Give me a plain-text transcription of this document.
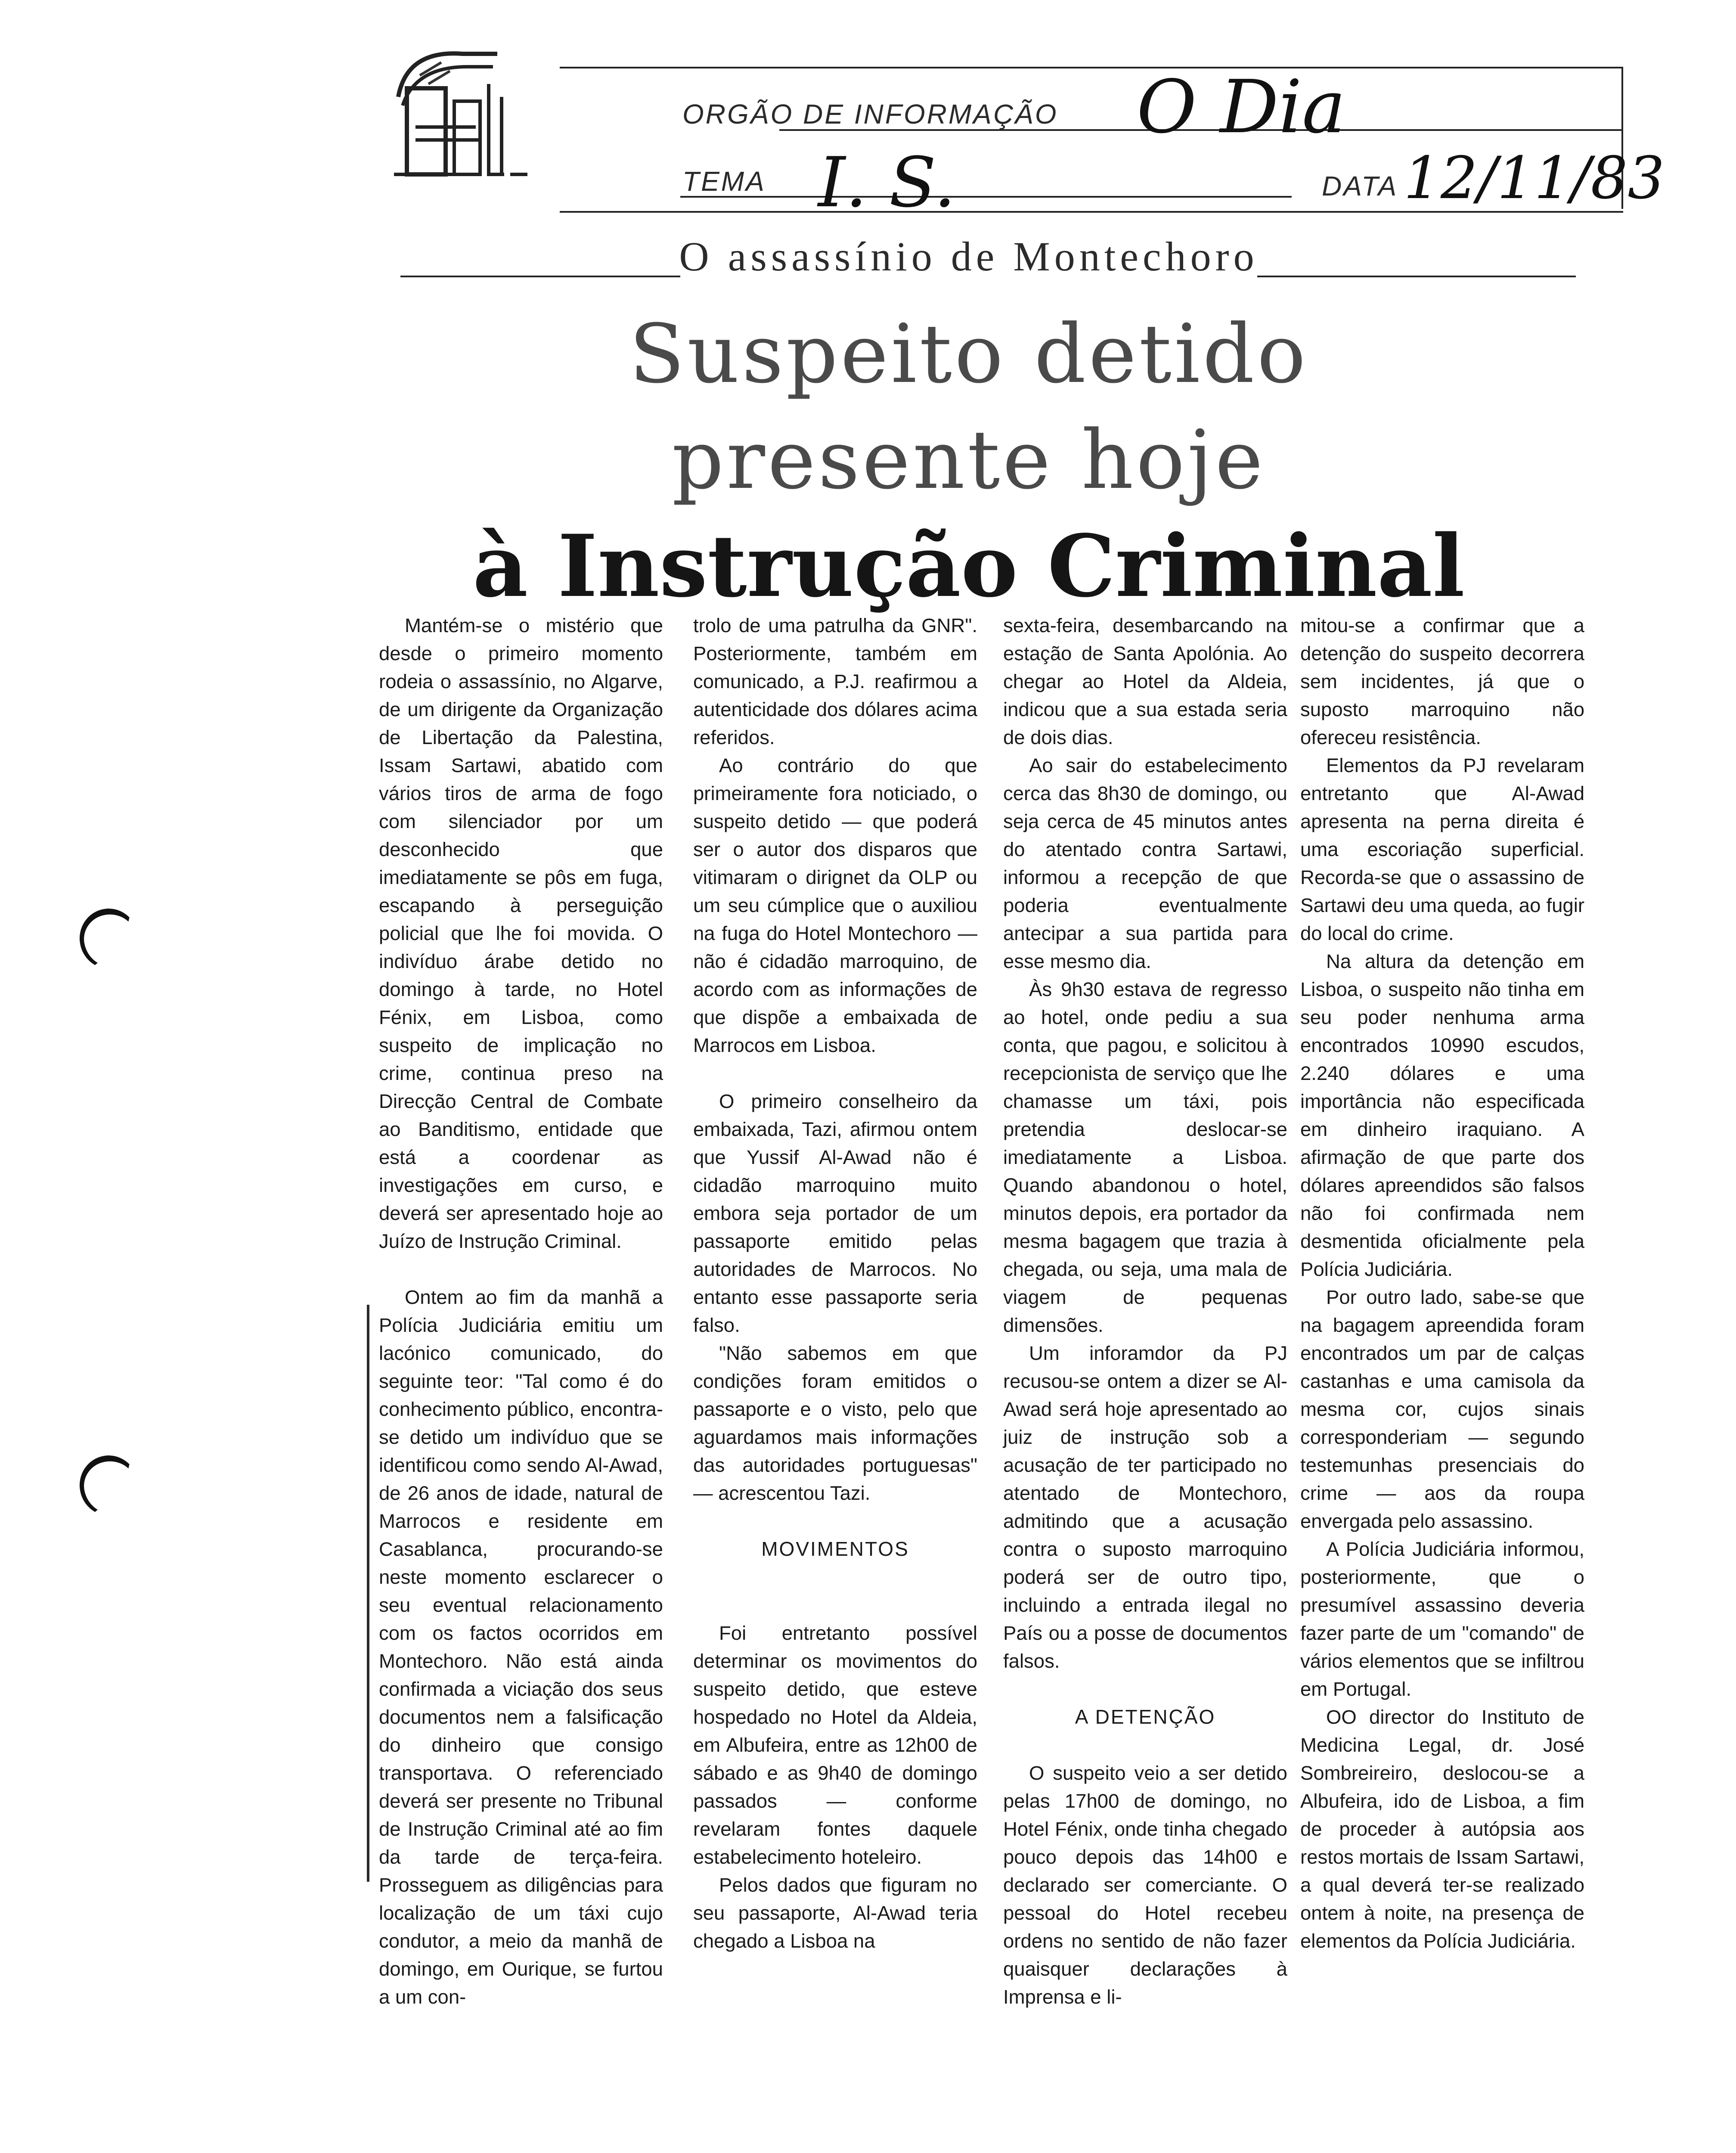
ORGÃO DE INFORMAÇÃO O Dia
TEMA I. S.	DATA 12/11/83
O assassínio de Montechoro
Suspeito detido
presente hoje
à Instrução Criminal

Mantém-se o mistério que desde o primeiro momento rodeia o assassínio, no Algarve, de um dirigente da Organização de Libertação da Palestina, Issam Sartawi, abatido com vários tiros de arma de fogo com silenciador por um desconhecido que imediatamente se pôs em fuga, escapando à perseguição policial que lhe foi movida. O indivíduo árabe detido no domingo à tarde, no Hotel Fénix, em Lisboa, como suspeito de implicação no crime, continua preso na Direcção Central de Combate ao Banditismo, entidade que está a coordenar as investigações em curso, e deverá ser apresentado hoje ao Juízo de Instrução Criminal.

Ontem ao fim da manhã a Polícia Judiciária emitiu um lacónico comunicado, do seguinte teor: "Tal como é do conhecimento público, encontra-se detido um indivíduo que se identificou como sendo Al-Awad, de 26 anos de idade, natural de Marrocos e residente em Casablanca, procurando-se neste momento esclarecer o seu eventual relacionamento com os factos ocorridos em Montechoro. Não está ainda confirmada a viciação dos seus documentos nem a falsificação do dinheiro que consigo transportava. O referenciado deverá ser presente no Tribunal de Instrução Criminal até ao fim da tarde de terça-feira. Prosseguem as diligências para localização de um táxi cujo condutor, a meio da manhã de domingo, em Ourique, se furtou a um con-

trolo de uma patrulha da GNR". Posteriormente, também em comunicado, a P.J. reafirmou a autenticidade dos dólares acima referidos.

Ao contrário do que primeiramente fora noticiado, o suspeito detido — que poderá ser o autor dos disparos que vitimaram o dirignet da OLP ou um seu cúmplice que o auxiliou na fuga do Hotel Montechoro — não é cidadão marroquino, de acordo com as informações de que dispõe a embaixada de Marrocos em Lisboa.

O primeiro conselheiro da embaixada, Tazi, afirmou ontem que Yussif Al-Awad não é cidadão marroquino muito embora seja portador de um passaporte emitido pelas autoridades de Marrocos. No entanto esse passaporte seria falso.

"Não sabemos em que condições foram emitidos o passaporte e o visto, pelo que aguardamos mais informações das autoridades portuguesas" — acrescentou Tazi.

MOVIMENTOS

Foi entretanto possível determinar os movimentos do suspeito detido, que esteve hospedado no Hotel da Aldeia, em Albufeira, entre as 12h00 de sábado e as 9h40 de domingo passados — conforme revelaram fontes daquele estabelecimento hoteleiro.

Pelos dados que figuram no seu passaporte, Al-Awad teria chegado a Lisboa na

sexta-feira, desembarcando na estação de Santa Apolónia. Ao chegar ao Hotel da Aldeia, indicou que a sua estada seria de dois dias.

Ao sair do estabelecimento cerca das 8h30 de domingo, ou seja cerca de 45 minutos antes do atentado contra Sartawi, informou a recepção de que poderia eventualmente antecipar a sua partida para esse mesmo dia.

Às 9h30 estava de regresso ao hotel, onde pediu a sua conta, que pagou, e solicitou à recepcionista de serviço que lhe chamasse um táxi, pois pretendia deslocar-se imediatamente a Lisboa. Quando abandonou o hotel, minutos depois, era portador da mesma bagagem que trazia à chegada, ou seja, uma mala de viagem de pequenas dimensões.

Um inforamdor da PJ recusou-se ontem a dizer se Al-Awad será hoje apresentado ao juiz de instrução sob a acusação de ter participado no atentado de Montechoro, admitindo que a acusação contra o suposto marroquino poderá ser de outro tipo, incluindo a entrada ilegal no País ou a posse de documentos falsos.

A DETENÇÃO

O suspeito veio a ser detido pelas 17h00 de domingo, no Hotel Fénix, onde tinha chegado pouco depois das 14h00 e declarado ser comerciante. O pessoal do Hotel recebeu ordens no sentido de não fazer quaisquer declarações à Imprensa e li-

mitou-se a confirmar que a detenção do suspeito decorrera sem incidentes, já que o suposto marroquino não ofereceu resistência.

Elementos da PJ revelaram entretanto que Al-Awad apresenta na perna direita é uma escoriação superficial. Recorda-se que o assassino de Sartawi deu uma queda, ao fugir do local do crime.

Na altura da detenção em Lisboa, o suspeito não tinha em seu poder nenhuma arma encontrados 10990 escudos, 2.240 dólares e uma importância não especificada em dinheiro iraquiano. A afirmação de que parte dos dólares apreendidos são falsos não foi confirmada nem desmentida oficialmente pela Polícia Judiciária.

Por outro lado, sabe-se que na bagagem apreendida foram encontrados um par de calças castanhas e uma camisola da mesma cor, cujos sinais corresponderiam — segundo testemunhas presenciais do crime — aos da roupa envergada pelo assassino.

A Polícia Judiciária informou, posteriormente, que o presumível assassino deveria fazer parte de um "comando" de vários elementos que se infiltrou em Portugal.

OO director do Instituto de Medicina Legal, dr. José Sombreireiro, deslocou-se a Albufeira, ido de Lisboa, a fim de proceder à autópsia aos restos mortais de Issam Sartawi, a qual deverá ter-se realizado ontem à noite, na presença de elementos da Polícia Judiciária.
